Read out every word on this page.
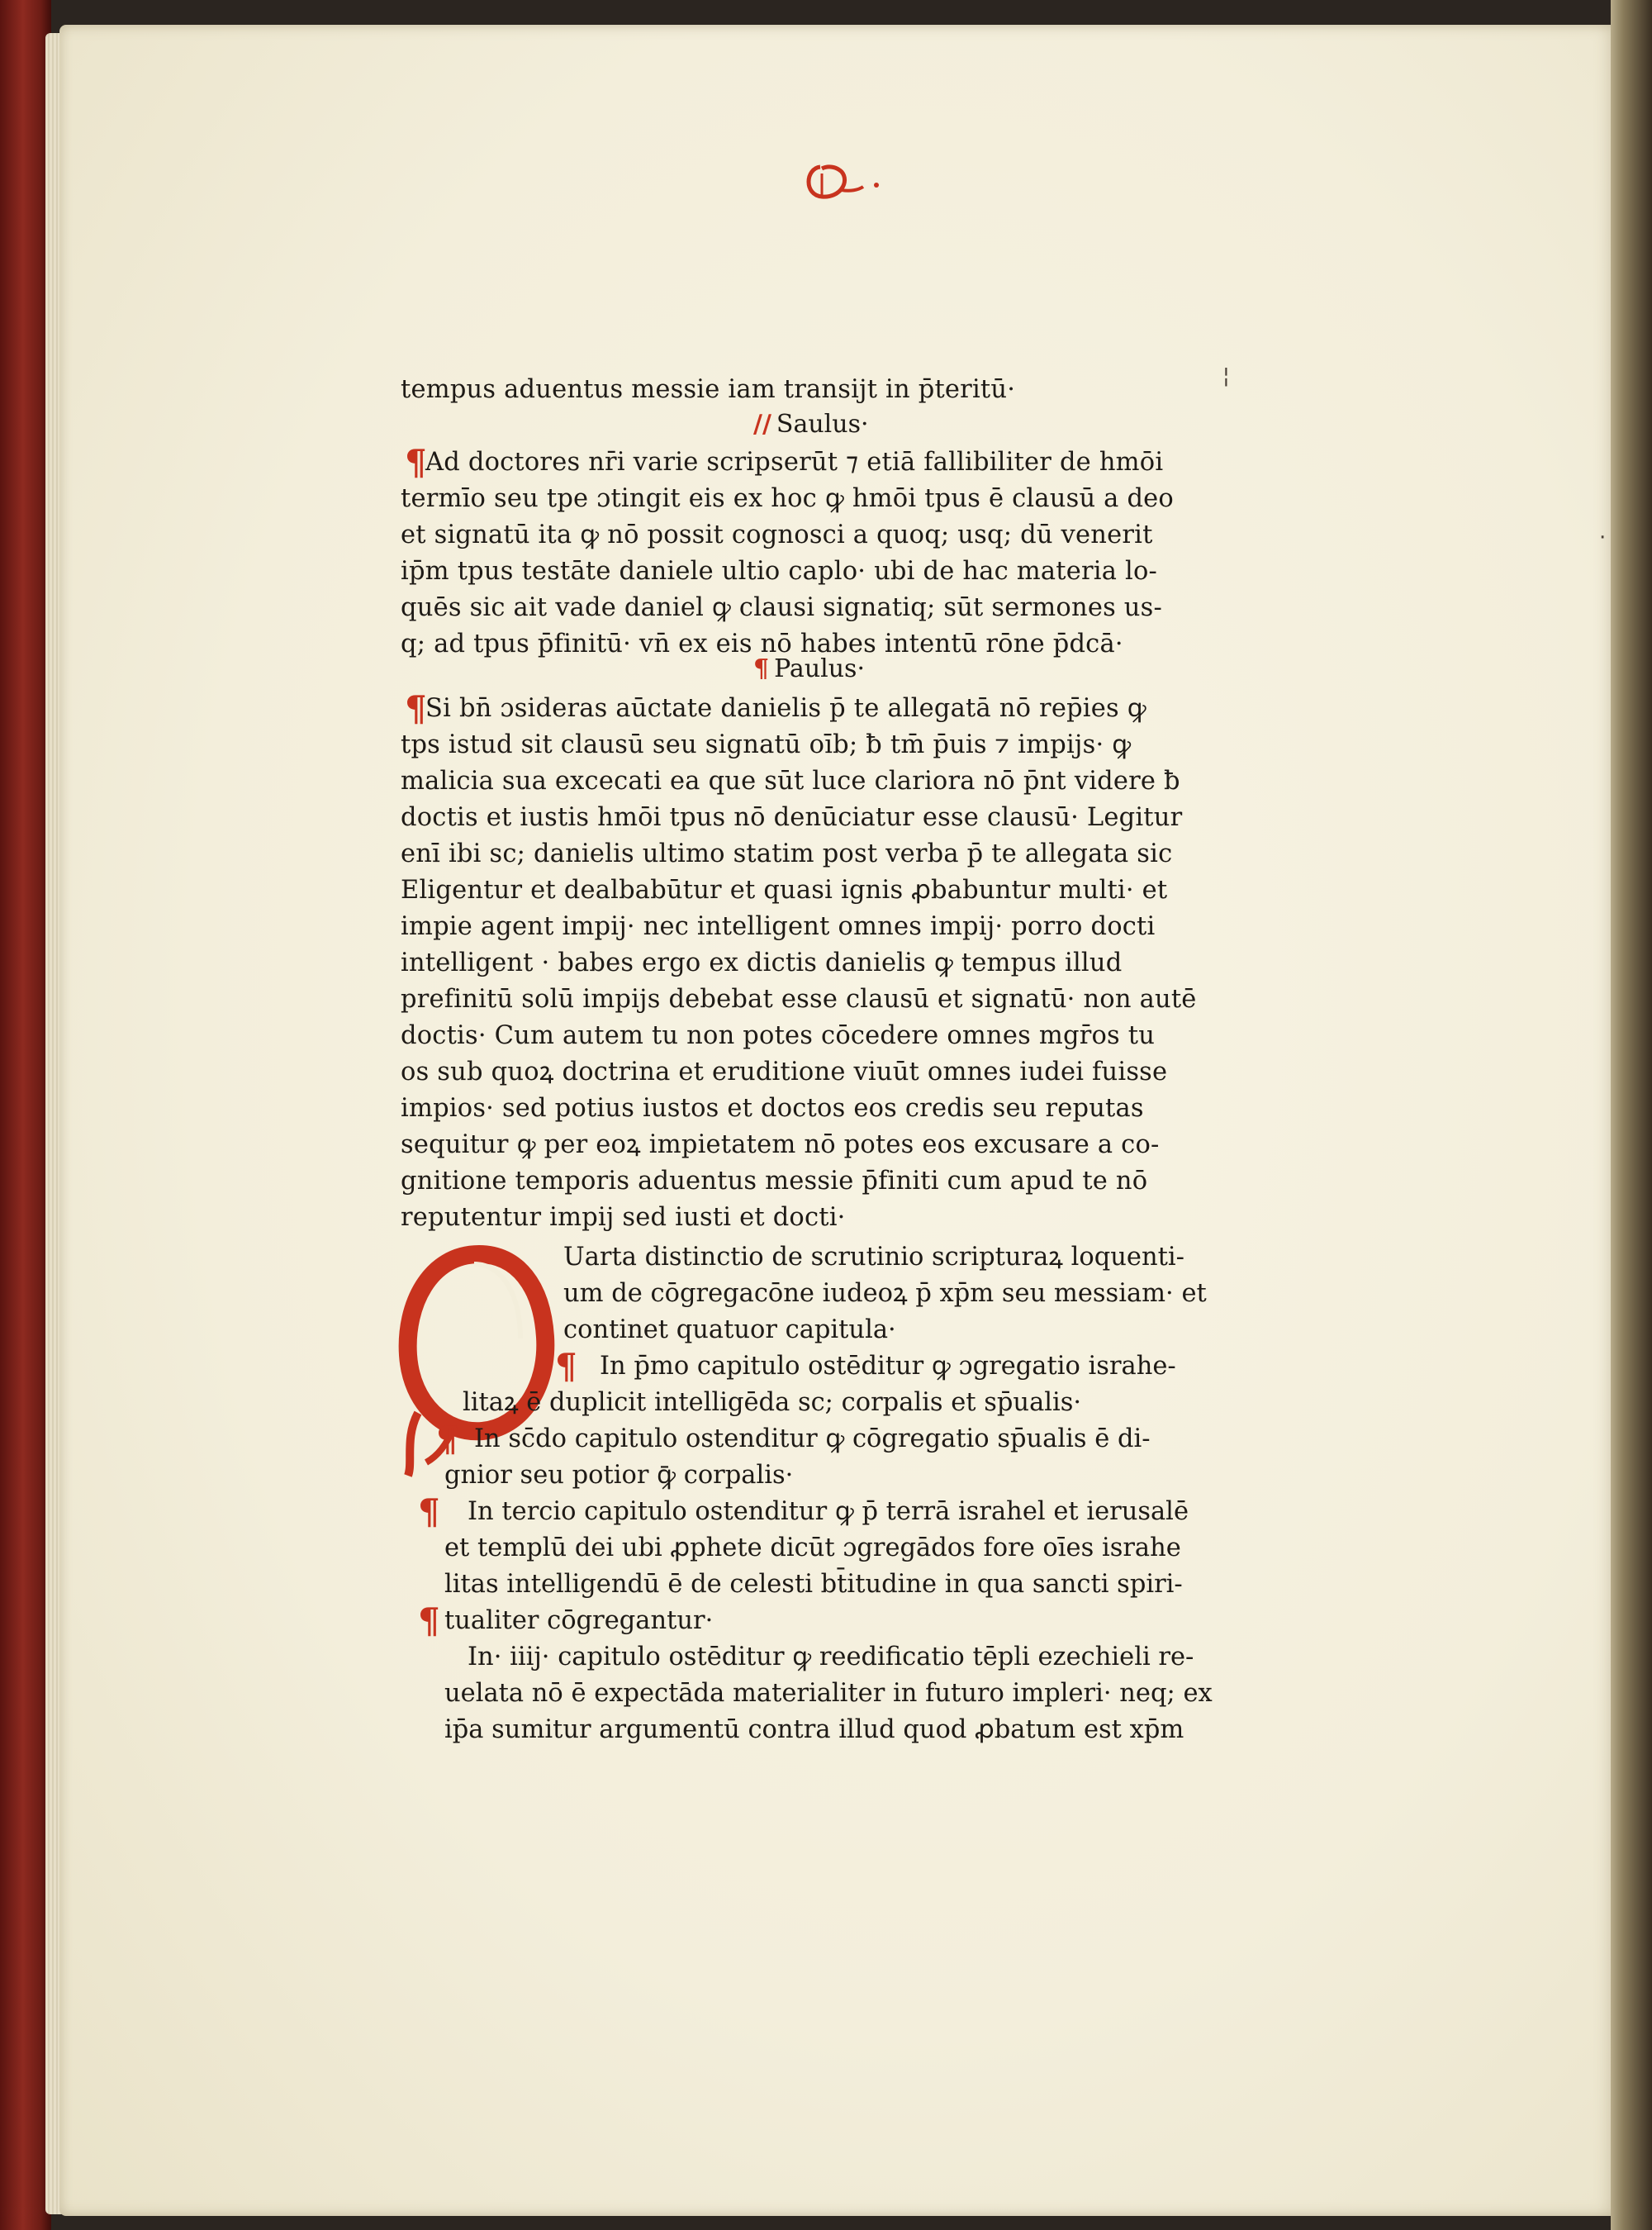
¦
·
tempus aduentus messie iam transijt in p̄teritū·
// Saulus·
¶
Ad doctores nr̄i varie scripserūt ⁊ etiā fallibiliter de hmōi
termīo seu tpe ɔtingit eis ex hoc ꝙ hmōi tpus ē clausū a deo
et signatū ita ꝙ nō possit cognosci a quoq; usq; dū venerit
ip̄m tpus testāte daniele ultio caplo· ubi de hac materia lo-
quēs sic ait vade daniel ꝙ clausi signatiq; sūt sermones us-
q; ad tpus p̄finitū· vn̄ ex eis nō habes intentū rōne p̄dcā·
¶ Paulus·
¶
Si bn̄ ɔsideras aūctate danielis p̄ te allegatā nō rep̄ies ꝙ
tps istud sit clausū seu signatū oīb; ƀ tm̄ p̄uis ⁊ impijs· ꝙ
malicia sua excecati ea que sūt luce clariora nō p̄nt videre ƀ
doctis et iustis hmōi tpus nō denūciatur esse clausū· Legitur
enī ibi sc; danielis ultimo statim post verba p̄ te allegata sic
Eligentur et dealbabūtur et quasi ignis ꝓbabuntur multi· et
impie agent impij· nec intelligent omnes impij· porro docti
intelligent · babes ergo ex dictis danielis ꝙ tempus illud
prefinitū solū impijs debebat esse clausū et signatū· non autē
doctis· Cum autem tu non potes cōcedere omnes mgr̄os tu
os sub quoꝝ doctrina et eruditione viuūt omnes iudei fuisse
impios· sed potius iustos et doctos eos credis seu reputas
sequitur ꝙ per eoꝝ impietatem nō potes eos excusare a co-
gnitione temporis aduentus messie p̄finiti cum apud te nō
reputentur impij sed iusti et docti·
¶
¶
¶
¶
Uarta distinctio de scrutinio scripturaꝝ loquenti-
um de cōgregacōne iudeoꝝ p̄ xp̄m seu messiam· et
continet quatuor capitula·
In p̄mo capitulo ostēditur ꝙ ɔgregatio israhe-
litaꝝ ē duplicit intelligēda sc; corpalis et sp̄ualis·
In sc̄do capitulo ostenditur ꝙ cōgregatio sp̄ualis ē di-
gnior seu potior ꝙ̄ corpalis·
In tercio capitulo ostenditur ꝙ p̄ terrā israhel et ierusalē
et templū dei ubi ꝓphete dicūt ɔgregādos fore oīes israhe
litas intelligendū ē de celesti bt̄itudine in qua sancti spiri-
tualiter cōgregantur·
In· iiij· capitulo ostēditur ꝙ reedificatio tēpli ezechieli re-
uelata nō ē expectāda materialiter in futuro impleri· neq; ex
ip̄a sumitur argumentū contra illud quod ꝓbatum est xp̄m
